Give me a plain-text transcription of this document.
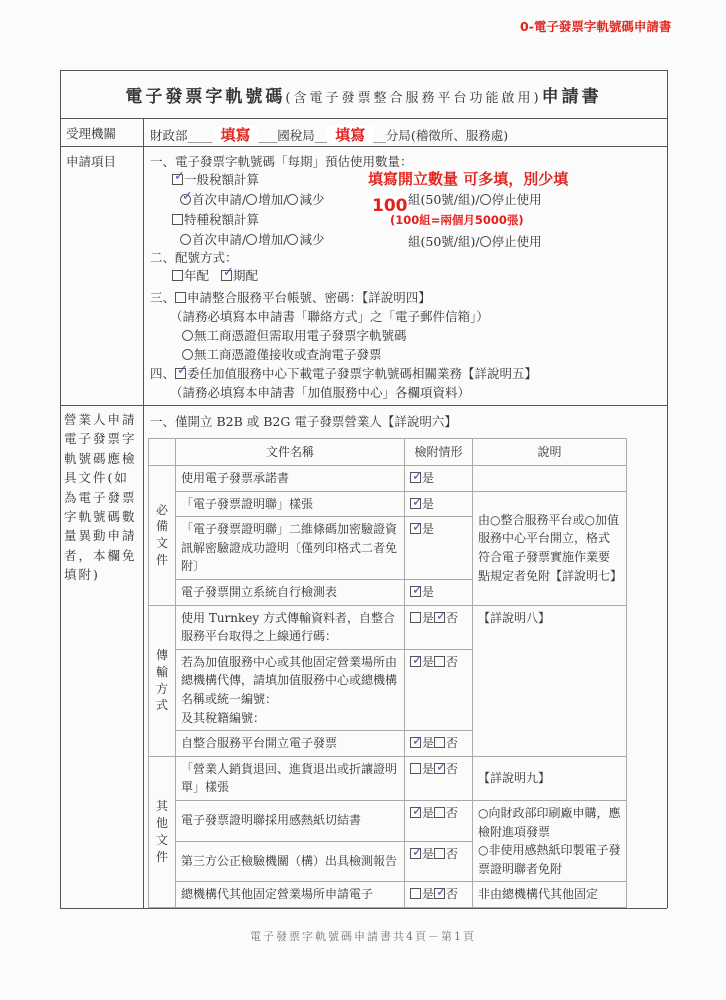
0-電子發票字軌號碼申請書
電子發票字軌號碼(含電子發票整合服務平台功能啟用)申請書
受理機關	財政部____ 填寫 ___國稅局__ 填寫 __分局(稽徵所、服務處)
申請項目	一、電子發票字軌號碼「每期」預估使用數量：
✓一般稅額計算	填寫開立數量 可多填，別少填
✓首次申請/ 增加/ 減少	100 組(50號/組)/ 停止使用
(100組=兩個月5000張)
特種稅額計算
首次申請/ 增加/ 減少	組(50號/組)/ 停止使用
二、配號方式：
年配 ✓ 期配
三、 申請整合服務平台帳號、密碼：【詳說明四】
（請務必填寫本申請書「聯絡方式」之「電子郵件信箱」）
無工商憑證但需取用電子發票字軌號碼
無工商憑證僅接收或查詢電子發票
四、 ✓ 委任加值服務中心下載電子發票字軌號碼相關業務【詳說明五】
（請務必填寫本申請書「加值服務中心」各欄項資料）
營業人申請電子發票字軌號碼應檢具文件(如為電子發票字軌號碼數量異動申請者，本欄免填附)
一、僅開立 B2B 或 B2G 電子發票營業人【詳說明六】
	文件名稱	檢附情形	說明
必備文件	使用電子發票承諾書	✓是	
	「電子發票證明聯」樣張	✓是	由○整合服務平台或○加值服務中心平台開立，格式符合電子發票實施作業要點規定者免附【詳說明七】
	「電子發票證明聯」二維條碼加密驗證資訊解密驗證成功證明〔僅列印格式二者免附〕	✓是
	電子發票開立系統自行檢測表	✓是
傳輸方式	使用 Turnkey 方式傳輸資料者，自整合服務平台取得之上線通行碼：	是 ✓ 否	【詳說明八】
	若為加值服務中心或其他固定營業場所由總機構代傳，請填加值服務中心或總機構名稱或統一編號：
及其稅籍編號：	✓是 否
	自整合服務平台開立電子發票	✓是 否
其他文件	「營業人銷貨退回、進貨退出或折讓證明單」樣張	是 ✓ 否	【詳說明九】
	電子發票證明聯採用感熱紙切結書	✓是 否	○向財政部印刷廠申購，應檢附進項發票
○非使用感熱紙印製電子發票證明聯者免附
	第三方公正檢驗機關（構）出具檢測報告	✓是 否
	總機構代其他固定營業場所申請電子	是 ✓ 否	非由總機構代其他固定
電子發票字軌號碼申請書共4頁－第1頁
